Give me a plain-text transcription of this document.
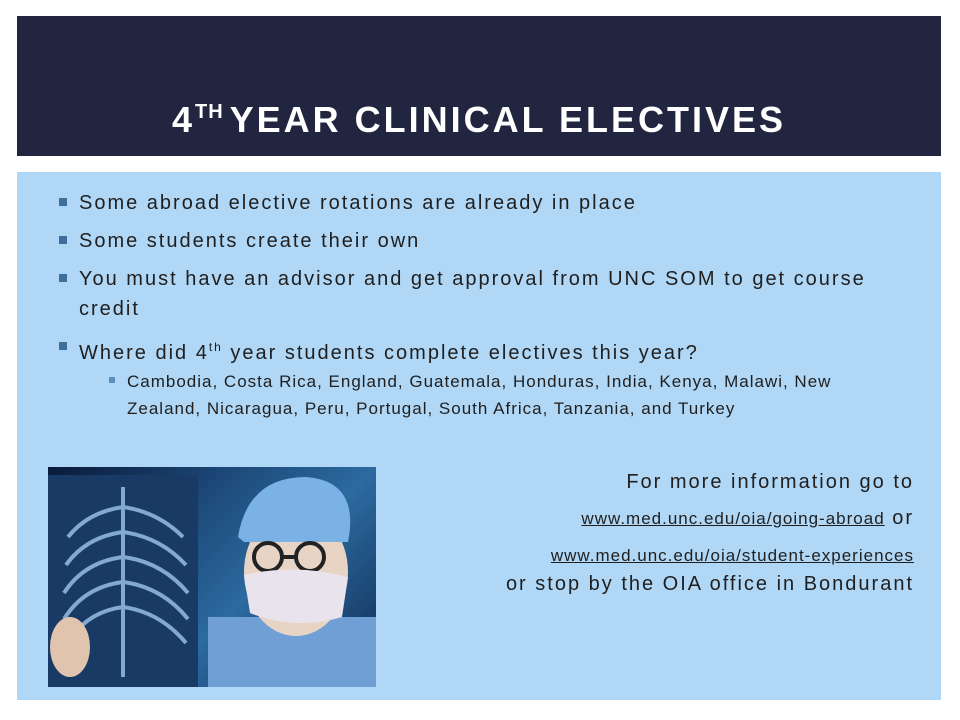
4TH YEAR CLINICAL ELECTIVES
Some abroad elective rotations are already in place
Some students create their own
You must have an advisor and get approval from UNC SOM to get course credit
Where did 4th year students complete electives this year?
Cambodia, Costa Rica, England, Guatemala, Honduras, India, Kenya, Malawi, New Zealand, Nicaragua, Peru, Portugal, South Africa, Tanzania, and Turkey
For more information go to
www.med.unc.edu/oia/going-abroad or
www.med.unc.edu/oia/student-experiences
or stop by the OIA office in Bondurant
